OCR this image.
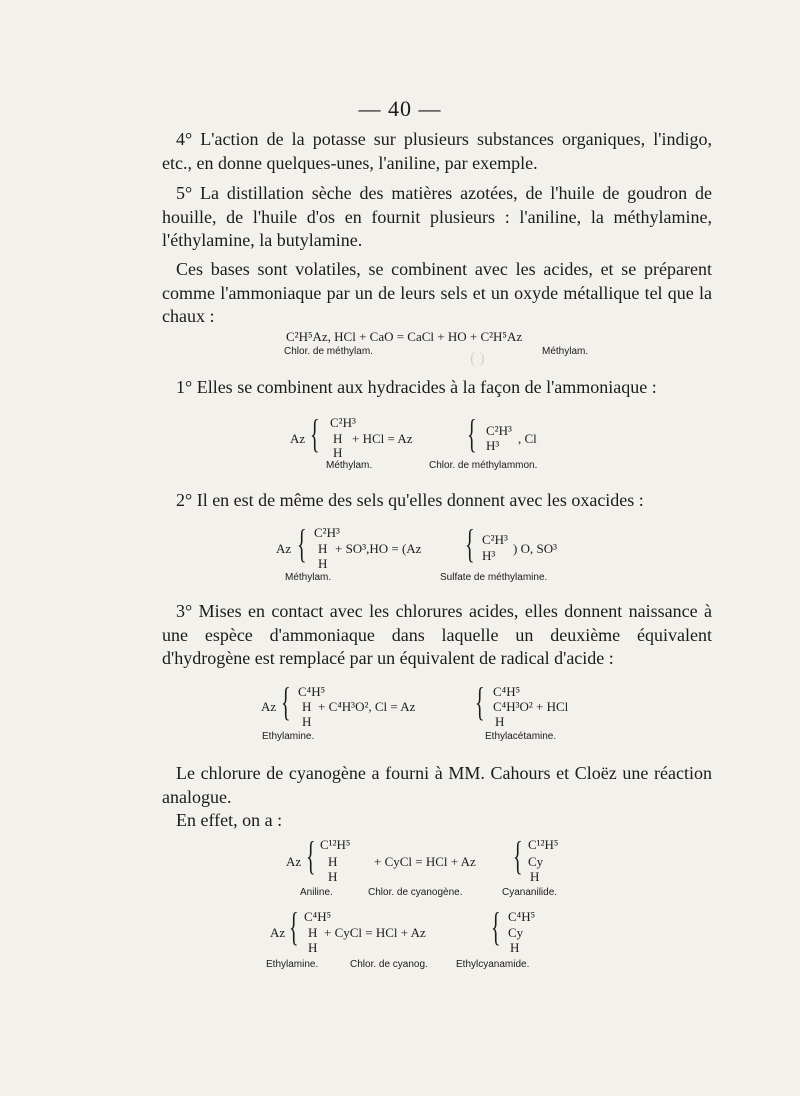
( )
— 40 —

4° L'action de la potasse sur plusieurs substances organiques, l'indigo, etc., en donne quelques-unes, l'aniline, par exemple.

5° La distillation sèche des matières azotées, de l'huile de goudron de houille, de l'huile d'os en fournit plusieurs : l'aniline, la méthylamine, l'éthylamine, la butylamine.

Ces bases sont volatiles, se combinent avec les acides, et se préparent comme l'ammoniaque par un de leurs sels et un oxyde métallique tel que la chaux :

C²H⁵Az, HCl + CaO = CaCl + HO + C²H⁵Az
Chlor. de méthylam.	Méthylam.

1° Elles se combinent aux hydracides à la façon de l'ammoniaque :

Az { C²H³
H
H
+ HCl = Az { C²H³
H³ , Cl
Méthylam.	Chlor. de méthylammon.

2° Il en est de même des sels qu'elles donnent avec les oxacides :

Az { C²H³
H
H
+ SO³,HO = (Az { C²H³
H³ ) O, SO³
Méthylam.	Sulfate de méthylamine.

3° Mises en contact avec les chlorures acides, elles donnent naissance à une espèce d'ammoniaque dans laquelle un deuxième équivalent d'hydrogène est remplacé par un équivalent de radical d'acide :

Az { C⁴H⁵
H
H
+ C⁴H³O², Cl = Az { C⁴H⁵
C⁴H³O² + HCl
H
Ethylamine.	Ethylacétamine.

Le chlorure de cyanogène a fourni à MM. Cahours et Cloëz une réaction analogue.

En effet, on a :

Az { C¹²H⁵
H
H
+ CyCl = HCl + Az { C¹²H⁵
Cy
H
Aniline.	Chlor. de cyanogène.	Cyananilide.
Az { C⁴H⁵
H
H
+ CyCl = HCl + Az { C⁴H⁵
Cy
H
Ethylamine.	Chlor. de cyanog.	Ethylcyanamide.
